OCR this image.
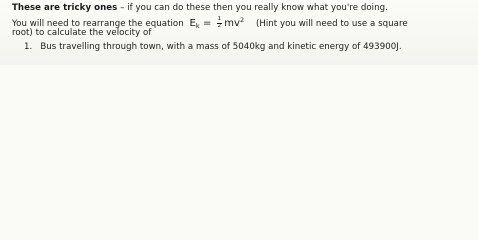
These are tricky ones – if you can do these then you really know what you're doing.
You will need to rearrange the equation $E_k = \frac{1}{2} mv^2$ (Hint you will need to use a square
root) to calculate the velocity of
1. Bus travelling through town, with a mass of 5040kg and kinetic energy of 493900J.
